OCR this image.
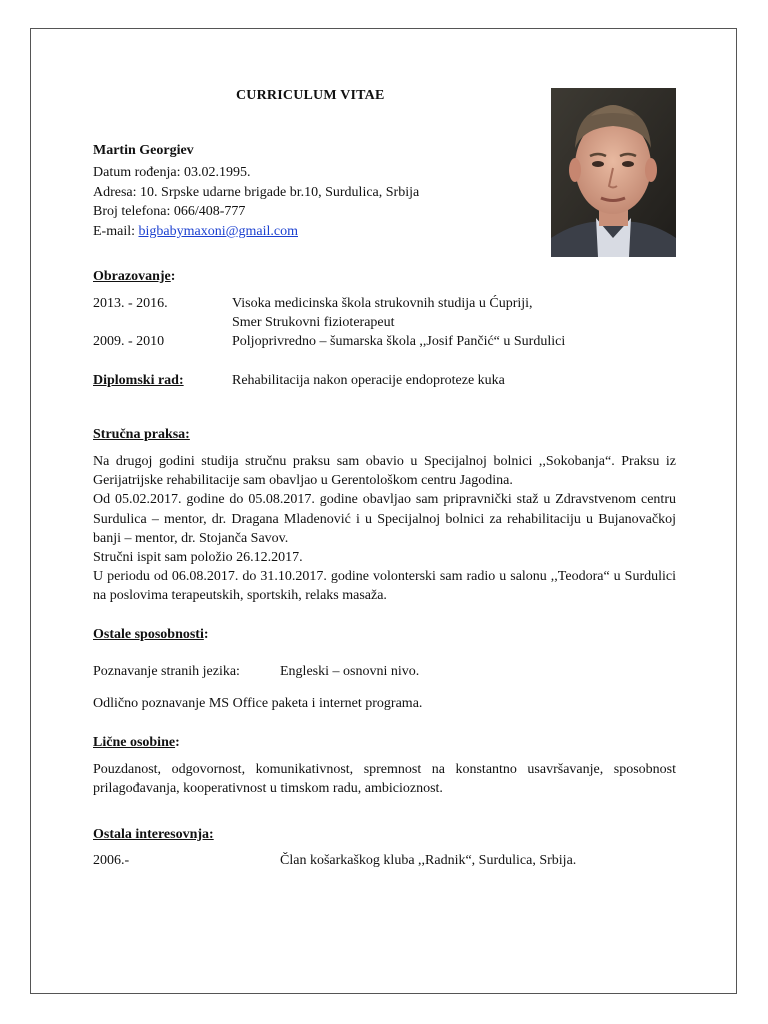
CURRICULUM VITAE
Martin Georgiev
Datum rođenja: 03.02.1995.
Adresa: 10. Srpske udarne brigade br.10, Surdulica, Srbija
Broj telefona: 066/408-777
E-mail: bigbabymaxoni@gmail.com
Obrazovanje:
2013. - 2016.	Visoka medicinska škola strukovnih studija u Ćupriji,
Smer Strukovni fizioterapeut
2009. - 2010	Poljoprivredno – šumarska škola ,,Josif Pančić“ u Surdulici
Diplomski rad:	Rehabilitacija nakon operacije endoproteze kuka
Stručna praksa:

Na drugoj godini studija stručnu praksu sam obavio u Specijalnoj bolnici ,,Sokobanja“. Praksu iz Gerijatrijske rehabilitacije sam obavljao u Gerentološkom centru Jagodina.

Od 05.02.2017. godine do 05.08.2017. godine obavljao sam pripravnički staž u Zdravstvenom centru Surdulica – mentor, dr. Dragana Mladenović i u Specijalnoj bolnici za rehabilitaciju u Bujanovačkoj banji – mentor, dr. Stojanča Savov.

Stručni ispit sam položio 26.12.2017.

U periodu od 06.08.2017. do 31.10.2017. godine volonterski sam radio u salonu ,,Teodora“ u Surdulici na poslovima terapeutskih, sportskih, relaks masaža.

Ostale sposobnosti:
Poznavanje stranih jezika:	Engleski – osnovni nivo.
Odlično poznavanje MS Office paketa i internet programa.
Lične osobine:
Pouzdanost, odgovornost, komunikativnost, spremnost na konstantno usavršavanje, sposobnost prilagođavanja, kooperativnost u timskom radu, ambicioznost.
Ostala interesovnja:
2006.-	Član košarkaškog kluba ,,Radnik“, Surdulica, Srbija.
